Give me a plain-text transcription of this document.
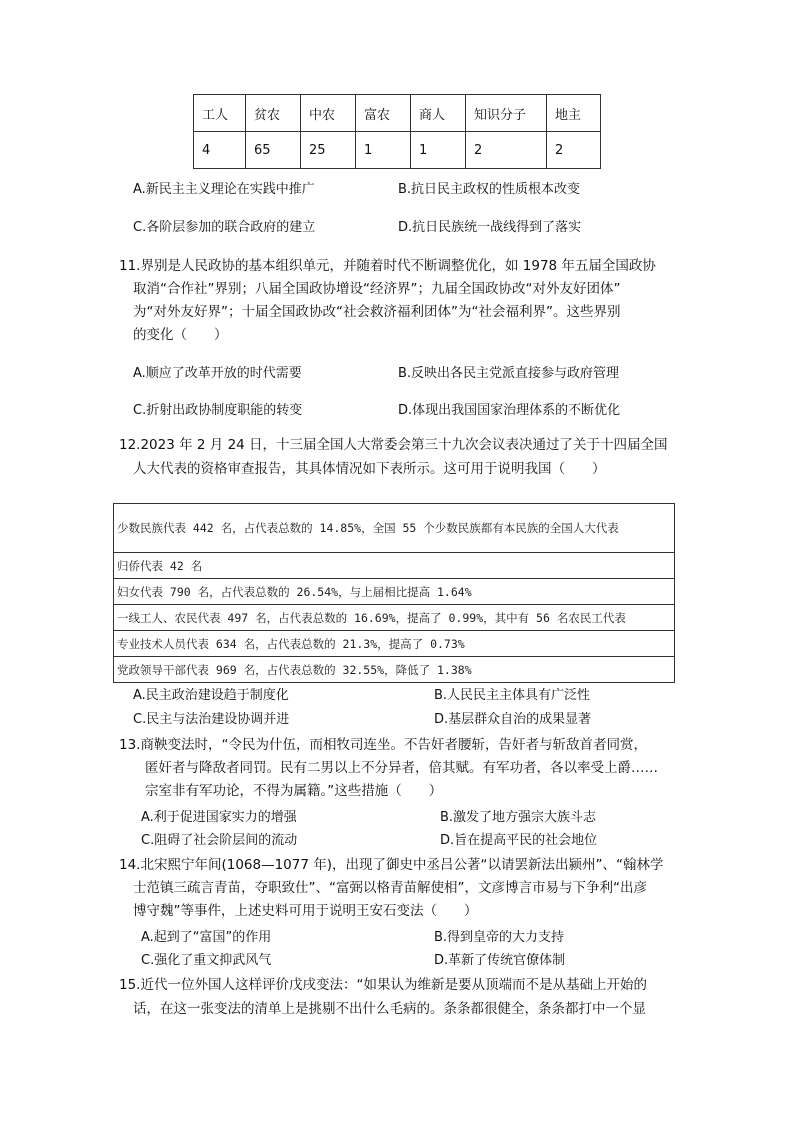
工人	贫农	中农	富农	商人	知识分子	地主
4	65	25	1	1	2	2
A.新民主主义理论在实践中推广	B.抗日民主政权的性质根本改变
C.各阶层参加的联合政府的建立	D.抗日民族统一战线得到了落实
11.界别是人民政协的基本组织单元，并随着时代不断调整优化，如 1978 年五届全国政协
取消“合作社”界别；八届全国政协增设“经济界”；九届全国政协改“对外友好团体”
为“对外友好界”；十届全国政协改“社会救济福利团体”为“社会福利界”。这些界别
的变化（　　）
A.顺应了改革开放的时代需要	B.反映出各民主党派直接参与政府管理
C.折射出政协制度职能的转变	D.体现出我国国家治理体系的不断优化
12.2023 年 2 月 24 日，十三届全国人大常委会第三十九次会议表决通过了关于十四届全国
人大代表的资格审查报告，其具体情况如下表所示。这可用于说明我国（　　）
少数民族代表 442 名，占代表总数的 14.85%，全国 55 个少数民族都有本民族的全国人大代表
归侨代表 42 名
妇女代表 790 名，占代表总数的 26.54%，与上届相比提高 1.64%
一线工人、农民代表 497 名，占代表总数的 16.69%，提高了 0.99%，其中有 56 名农民工代表
专业技术人员代表 634 名，占代表总数的 21.3%，提高了 0.73%
党政领导干部代表 969 名，占代表总数的 32.55%，降低了 1.38%
A.民主政治建设趋于制度化	B.人民民主主体具有广泛性
C.民主与法治建设协调并进	D.基层群众自治的成果显著
13.商鞅变法时，“令民为什伍，而相牧司连坐。不告奸者腰斩，告奸者与斩敌首者同赏，
匿奸者与降敌者同罚。民有二男以上不分异者，倍其赋。有军功者，各以率受上爵……
宗室非有军功论，不得为属籍。”这些措施（　　）
A.利于促进国家实力的增强	B.激发了地方强宗大族斗志
C.阻碍了社会阶层间的流动	D.旨在提高平民的社会地位
14.北宋熙宁年间(1068—1077 年)，出现了御史中丞吕公著“以请罢新法出颍州”、“翰林学
士范镇三疏言青苗，夺职致仕”、“富弼以格青苗解使相”，文彦博言市易与下争利“出彦
博守魏”等事件，上述史料可用于说明王安石变法（　　）
A.起到了“富国”的作用	B.得到皇帝的大力支持
C.强化了重文抑武风气	D.革新了传统官僚体制
15.近代一位外国人这样评价戊戌变法：“如果认为维新是要从顶端而不是从基础上开始的
话，在这一张变法的清单上是挑剔不出什么毛病的。条条都很健全，条条都打中一个显
